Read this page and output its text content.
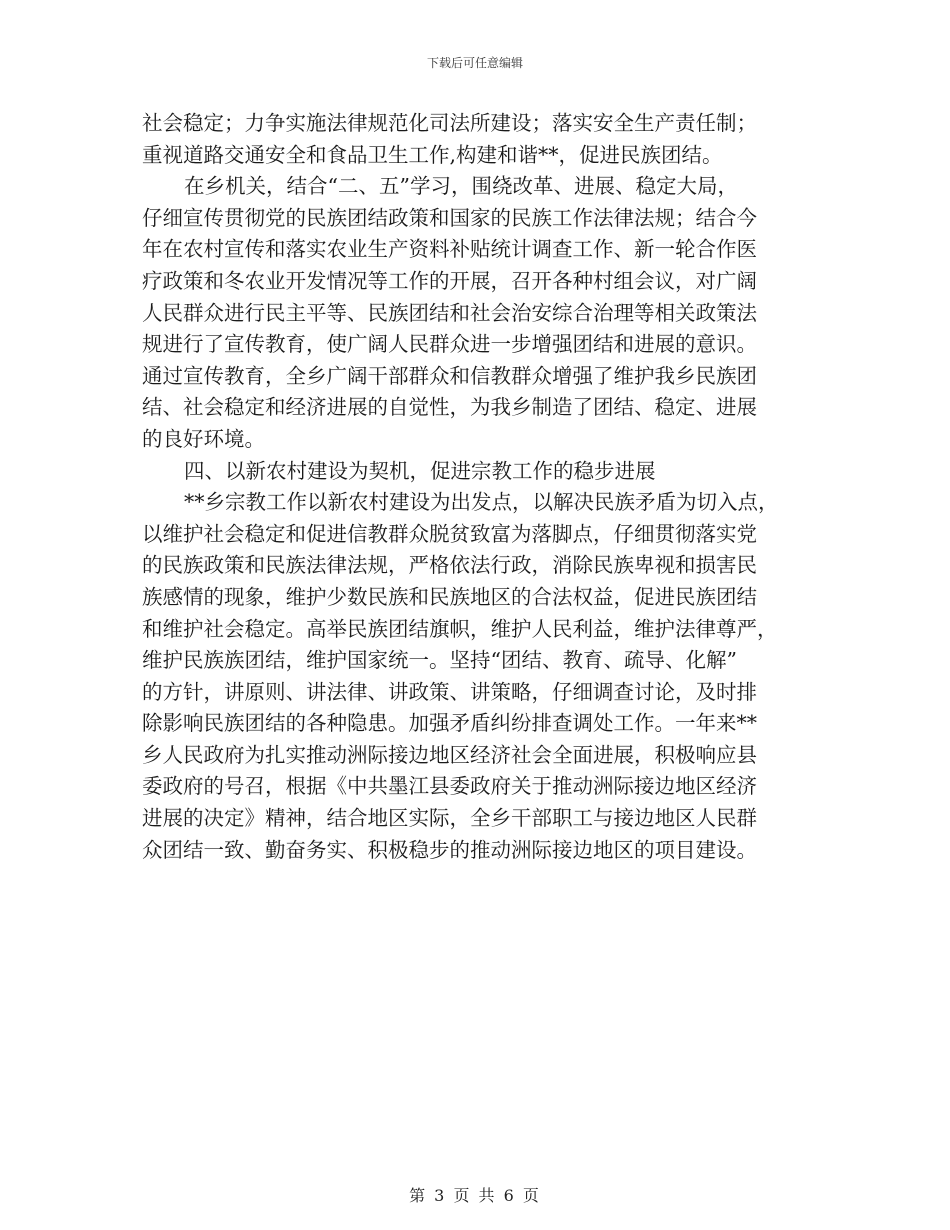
下载后可任意编辑
社会稳定；力争实施法律规范化司法所建设；落实安全生产责任制；
重视道路交通安全和食品卫生工作,构建和谐**，促进民族团结。
在乡机关，结合“二、五”学习，围绕改革、进展、稳定大局，
仔细宣传贯彻党的民族团结政策和国家的民族工作法律法规；结合今
年在农村宣传和落实农业生产资料补贴统计调查工作、新一轮合作医
疗政策和冬农业开发情况等工作的开展，召开各种村组会议，对广阔
人民群众进行民主平等、民族团结和社会治安综合治理等相关政策法
规进行了宣传教育，使广阔人民群众进一步增强团结和进展的意识。
通过宣传教育，全乡广阔干部群众和信教群众增强了维护我乡民族团
结、社会稳定和经济进展的自觉性，为我乡制造了团结、稳定、进展
的良好环境。
四、以新农村建设为契机，促进宗教工作的稳步进展
**乡宗教工作以新农村建设为出发点，以解决民族矛盾为切入点，
以维护社会稳定和促进信教群众脱贫致富为落脚点，仔细贯彻落实党
的民族政策和民族法律法规，严格依法行政，消除民族卑视和损害民
族感情的现象，维护少数民族和民族地区的合法权益，促进民族团结
和维护社会稳定。高举民族团结旗帜，维护人民利益，维护法律尊严，
维护民族族团结，维护国家统一。坚持“团结、教育、疏导、化解”
的方针，讲原则、讲法律、讲政策、讲策略，仔细调查讨论，及时排
除影响民族团结的各种隐患。加强矛盾纠纷排查调处工作。一年来**
乡人民政府为扎实推动洲际接边地区经济社会全面进展，积极响应县
委政府的号召，根据《中共墨江县委政府关于推动洲际接边地区经济
进展的决定》精神，结合地区实际，全乡干部职工与接边地区人民群
众团结一致、勤奋务实、积极稳步的推动洲际接边地区的项目建设。
第 3 页 共 6 页
